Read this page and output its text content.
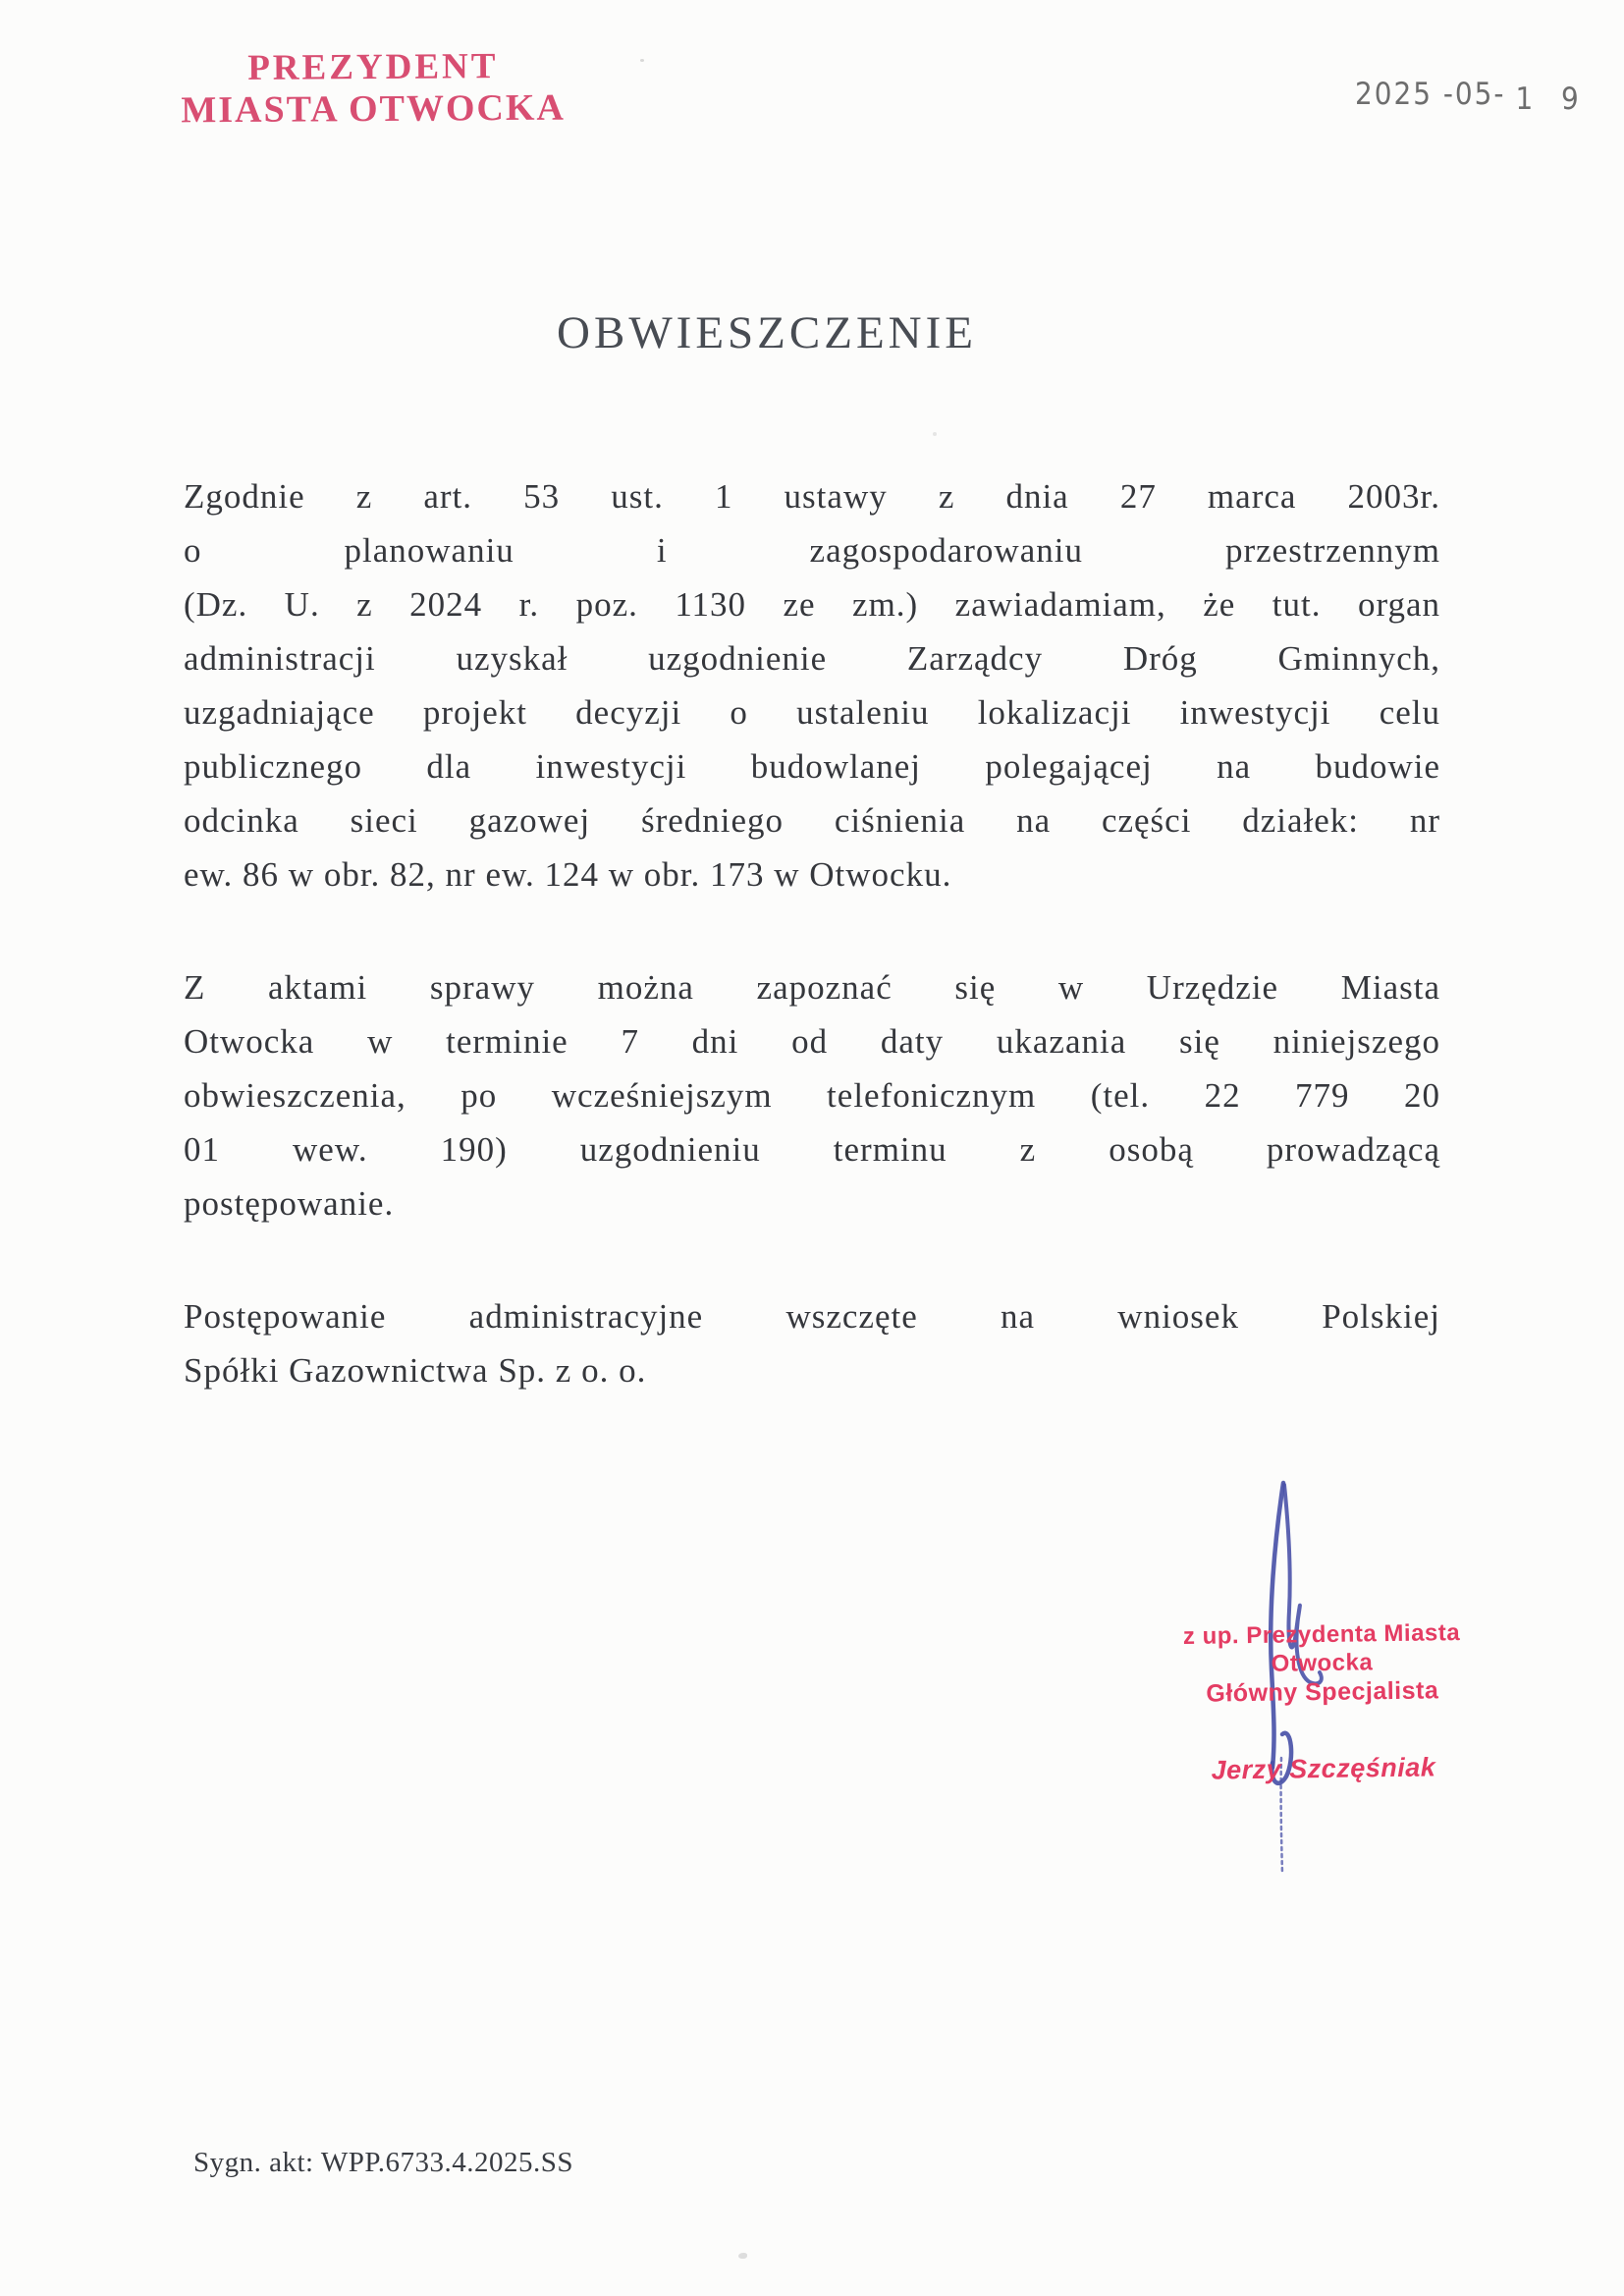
PREZYDENT
MIASTA OTWOCKA	2025 -05- 1 9
OBWIESZCZENIE
Zgodnie z art. 53 ust. 1 ustawy z dnia 27 marca 2003r.
o planowaniu i zagospodarowaniu przestrzennym
(Dz. U. z 2024 r. poz. 1130 ze zm.) zawiadamiam, że tut. organ
administracji uzyskał uzgodnienie Zarządcy Dróg Gminnych,
uzgadniające projekt decyzji o ustaleniu lokalizacji inwestycji celu
publicznego dla inwestycji budowlanej polegającej na budowie
odcinka sieci gazowej średniego ciśnienia na części działek: nr
ew. 86 w obr. 82, nr ew. 124 w obr. 173 w Otwocku.
Z aktami sprawy można zapoznać się w Urzędzie Miasta
Otwocka w terminie 7 dni od daty ukazania się niniejszego
obwieszczenia, po wcześniejszym telefonicznym (tel. 22 779 20
01 wew. 190) uzgodnieniu terminu z osobą prowadzącą
postępowanie.
Postępowanie administracyjne wszczęte na wniosek Polskiej
Spółki Gazownictwa Sp. z o. o.
z up. Prezydenta Miasta Otwocka
Główny Specjalista
Jerzy Szczęśniak
Sygn. akt: WPP.6733.4.2025.SS
